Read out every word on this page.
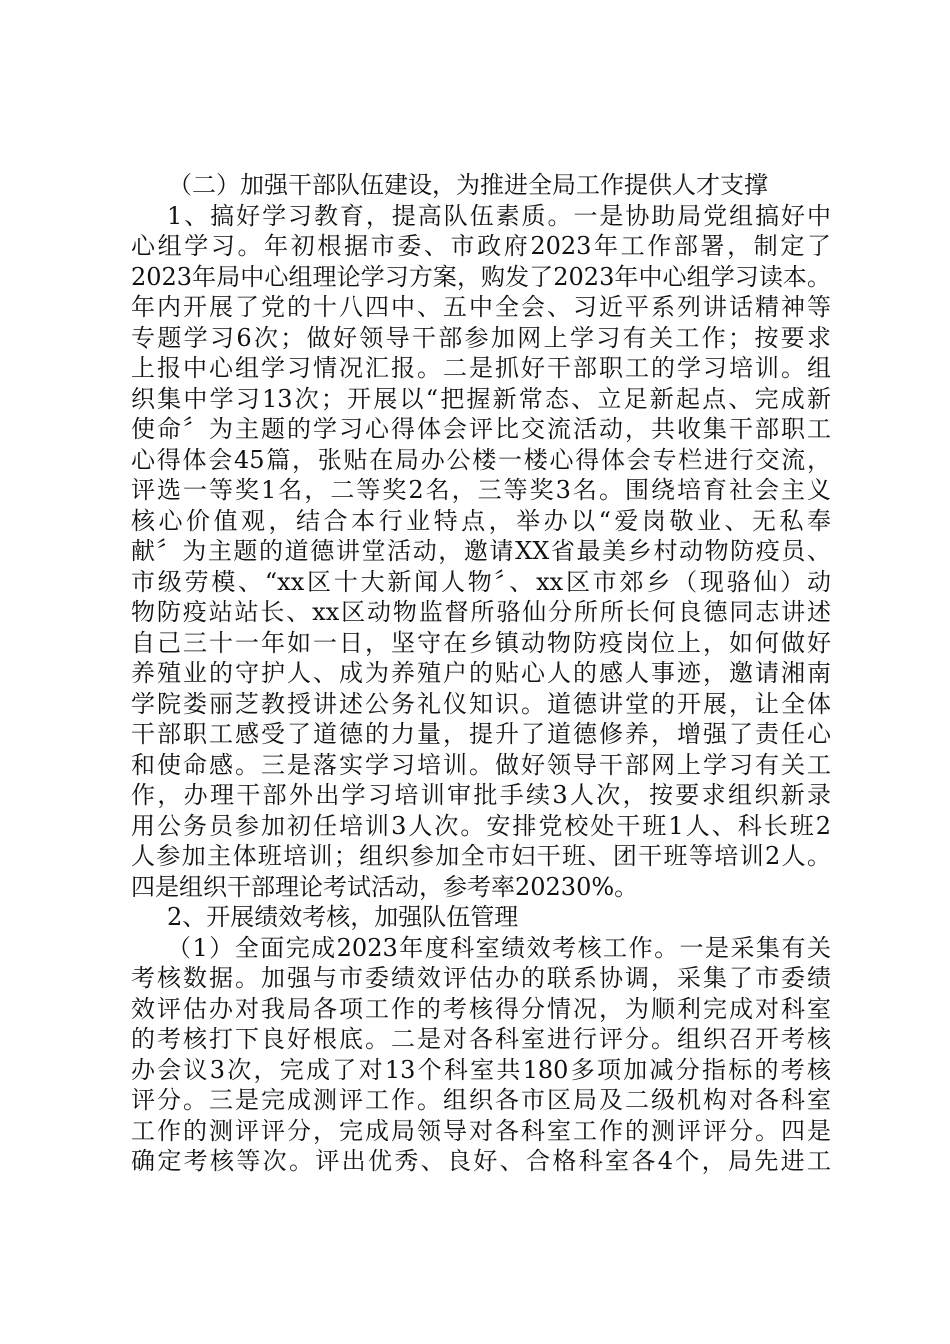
（二）加强干部队伍建设，为推进全局工作提供人才支撑
1、搞好学习教育，提高队伍素质。一是协助局党组搞好中
心组学习。年初根据市委、市政府2023年工作部署，制定了
2023年局中心组理论学习方案，购发了2023年中心组学习读本。
年内开展了党的十八四中、五中全会、习近平系列讲话精神等
专题学习6次；做好领导干部参加网上学习有关工作；按要求
上报中心组学习情况汇报。二是抓好干部职工的学习培训。组
织集中学习13次；开展以“把握新常态、立足新起点、完成新
使命〞为主题的学习心得体会评比交流活动，共收集干部职工
心得体会45篇，张贴在局办公楼一楼心得体会专栏进行交流，
评选一等奖1名，二等奖2名，三等奖3名。围绕培育社会主义
核心价值观，结合本行业特点，举办以“爱岗敬业、无私奉
献〞为主题的道德讲堂活动，邀请XX省最美乡村动物防疫员、
市级劳模、“xx区十大新闻人物〞、xx区市郊乡（现骆仙）动
物防疫站站长、xx区动物监督所骆仙分所所长何良德同志讲述
自己三十一年如一日，坚守在乡镇动物防疫岗位上，如何做好
养殖业的守护人、成为养殖户的贴心人的感人事迹，邀请湘南
学院娄丽芝教授讲述公务礼仪知识。道德讲堂的开展，让全体
干部职工感受了道德的力量，提升了道德修养，增强了责任心
和使命感。三是落实学习培训。做好领导干部网上学习有关工
作，办理干部外出学习培训审批手续3人次，按要求组织新录
用公务员参加初任培训3人次。安排党校处干班1人、科长班2
人参加主体班培训；组织参加全市妇干班、团干班等培训2人。
四是组织干部理论考试活动，参考率20230%。
2、开展绩效考核，加强队伍管理
（1）全面完成2023年度科室绩效考核工作。一是采集有关
考核数据。加强与市委绩效评估办的联系协调，采集了市委绩
效评估办对我局各项工作的考核得分情况，为顺利完成对科室
的考核打下良好根底。二是对各科室进行评分。组织召开考核
办会议3次，完成了对13个科室共180多项加减分指标的考核
评分。三是完成测评工作。组织各市区局及二级机构对各科室
工作的测评评分，完成局领导对各科室工作的测评评分。四是
确定考核等次。评出优秀、良好、合格科室各4个，局先进工
